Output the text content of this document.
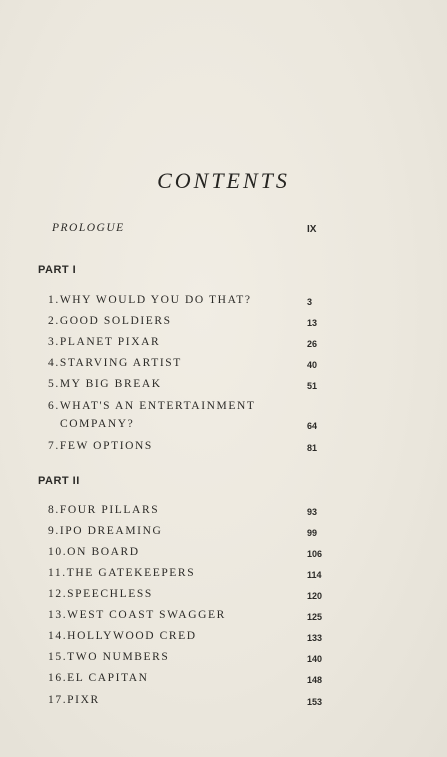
CONTENTS
PROLOGUE	IX
PART I
1.WHY WOULD YOU DO THAT?	3
2.GOOD SOLDIERS	13
3.PLANET PIXAR	26
4.STARVING ARTIST	40
5.MY BIG BREAK	51
6.WHAT'S AN ENTERTAINMENT
COMPANY?	64
7.FEW OPTIONS	81
PART II
8.FOUR PILLARS	93
9.IPO DREAMING	99
10.ON BOARD	106
11.THE GATEKEEPERS	114
12.SPEECHLESS	120
13.WEST COAST SWAGGER	125
14.HOLLYWOOD CRED	133
15.TWO NUMBERS	140
16.EL CAPITAN	148
17.PIXR	153
